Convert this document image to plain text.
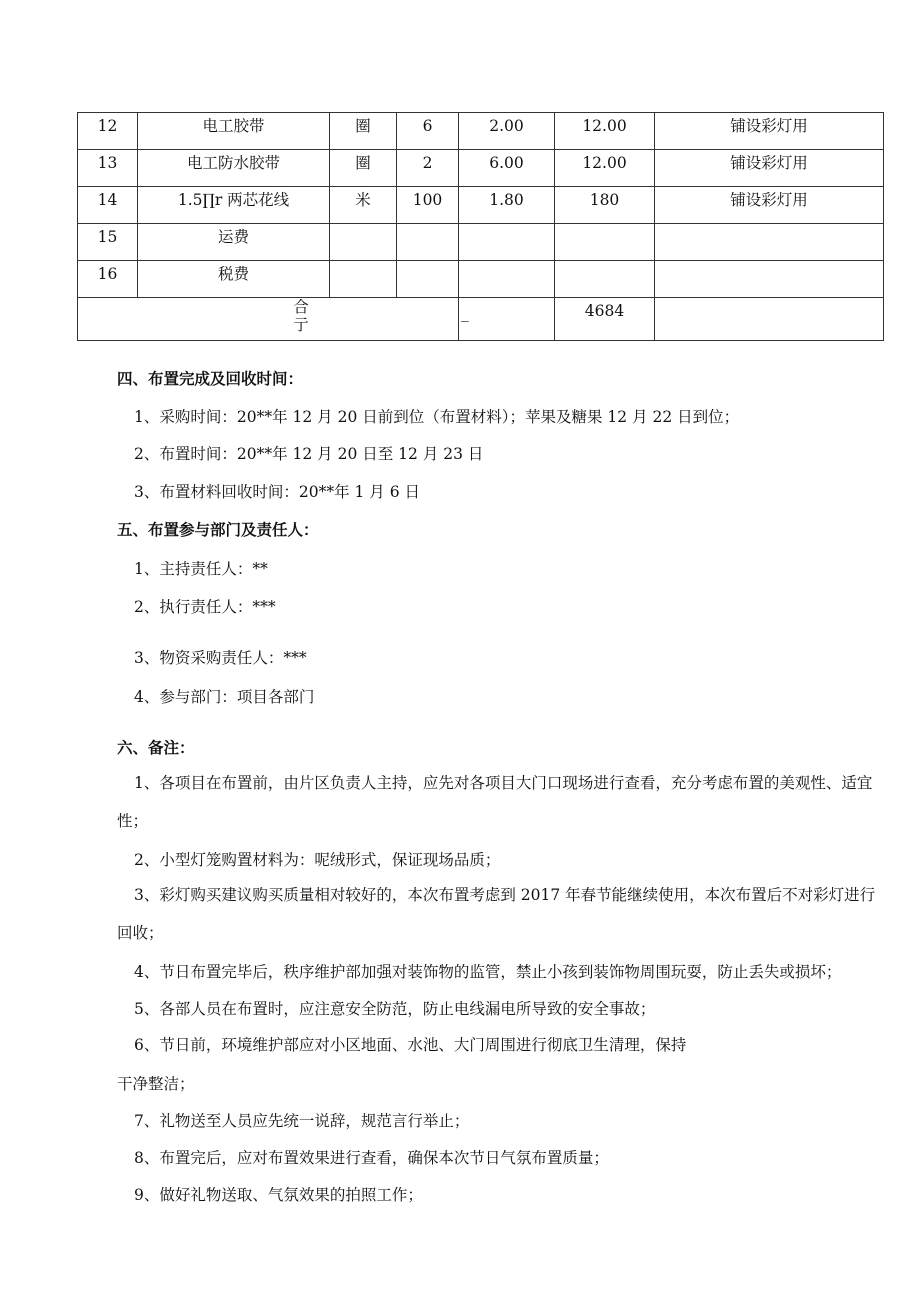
12	电工胶带	圈	6	2.00	12.00	铺设彩灯用
13	电工防水胶带	圈	2	6.00	12.00	铺设彩灯用
14	1.5∏r 两芯花线	米	100	1.80	180	铺设彩灯用
15	运费					
16	税费					
合亍				_	4684	
四、布置完成及回收时间：
1、采购时间：20**年 12 月 20 日前到位（布置材料）；苹果及糖果 12 月 22 日到位；
2、布置时间：20**年 12 月 20 日至 12 月 23 日
3、布置材料回收时间：20**年 1 月 6 日
五、布置参与部门及责任人：
1、主持责任人：**
2、执行责任人：***
3、物资采购责任人：***
4、参与部门：项目各部门
六、备注：
1、各项目在布置前，由片区负责人主持，应先对各项目大门口现场进行查看，充分考虑布置的美观性、适宜性；
2、小型灯笼购置材料为：呢绒形式，保证现场品质；
3、彩灯购买建议购买质量相对较好的，本次布置考虑到 2017 年春节能继续使用，本次布置后不对彩灯进行回收；
4、节日布置完毕后，秩序维护部加强对装饰物的监管，禁止小孩到装饰物周围玩耍，防止丢失或损坏；
5、各部人员在布置时，应注意安全防范，防止电线漏电所导致的安全事故；
6、节日前，环境维护部应对小区地面、水池、大门周围进行彻底卫生清理，保持
干净整洁；
7、礼物送至人员应先统一说辞，规范言行举止；
8、布置完后，应对布置效果进行查看，确保本次节日气氛布置质量；
9、做好礼物送取、气氛效果的拍照工作；
